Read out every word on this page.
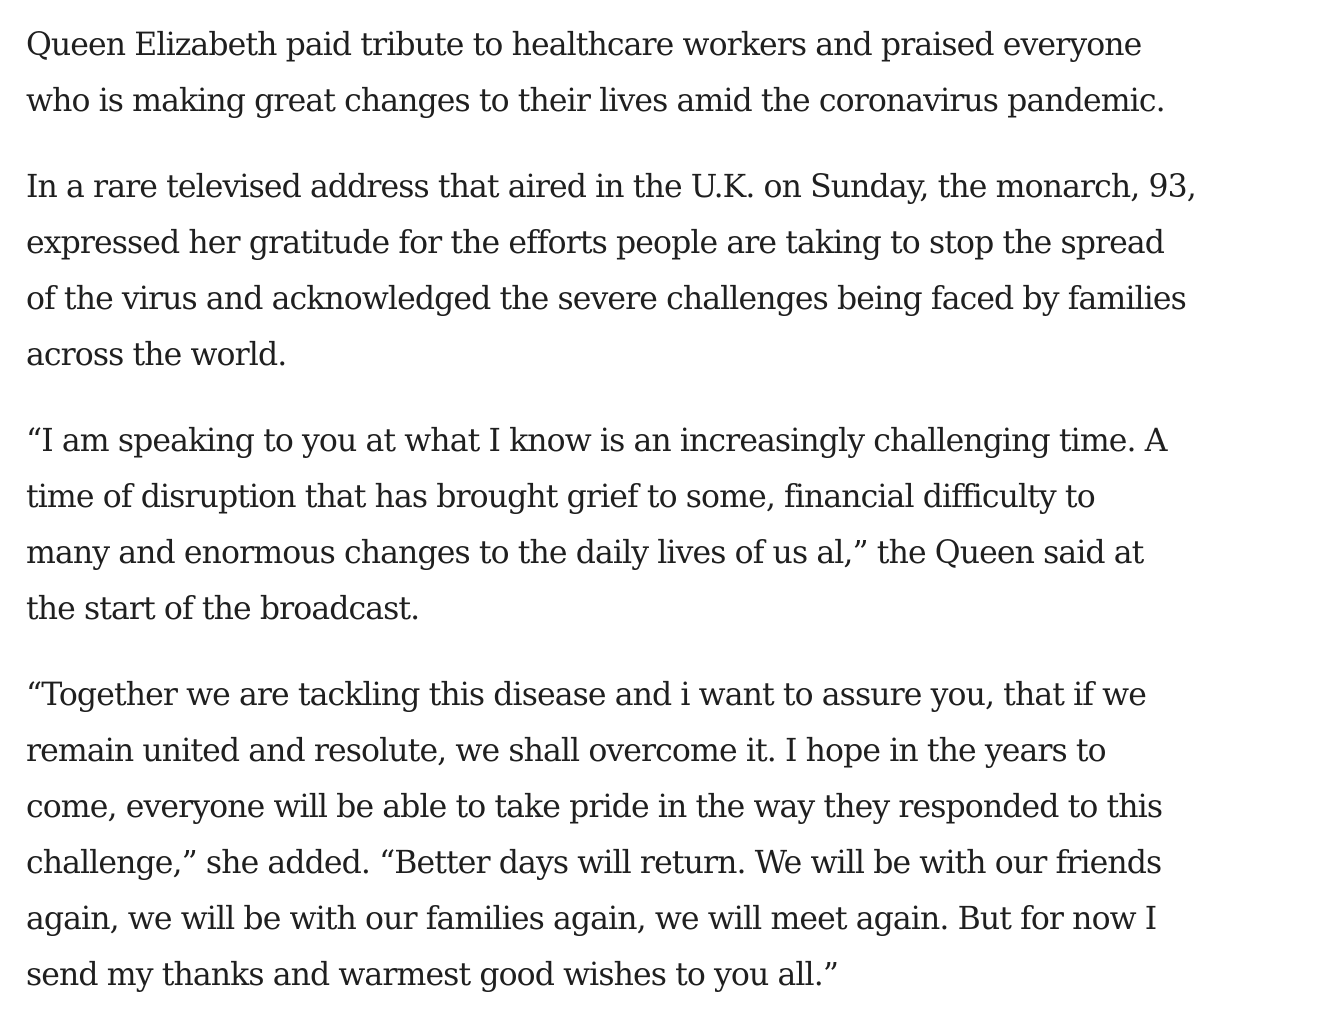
Queen Elizabeth paid tribute to healthcare workers and praised everyone
who is making great changes to their lives amid the coronavirus pandemic.

In a rare televised address that aired in the U.K. on Sunday, the monarch, 93,
expressed her gratitude for the efforts people are taking to stop the spread
of the virus and acknowledged the severe challenges being faced by families
across the world.

“I am speaking to you at what I know is an increasingly challenging time. A
time of disruption that has brought grief to some, financial difficulty to
many and enormous changes to the daily lives of us al,” the Queen said at
the start of the broadcast.

“Together we are tackling this disease and i want to assure you, that if we
remain united and resolute, we shall overcome it. I hope in the years to
come, everyone will be able to take pride in the way they responded to this
challenge,” she added. “Better days will return. We will be with our friends
again, we will be with our families again, we will meet again. But for now I
send my thanks and warmest good wishes to you all.”
